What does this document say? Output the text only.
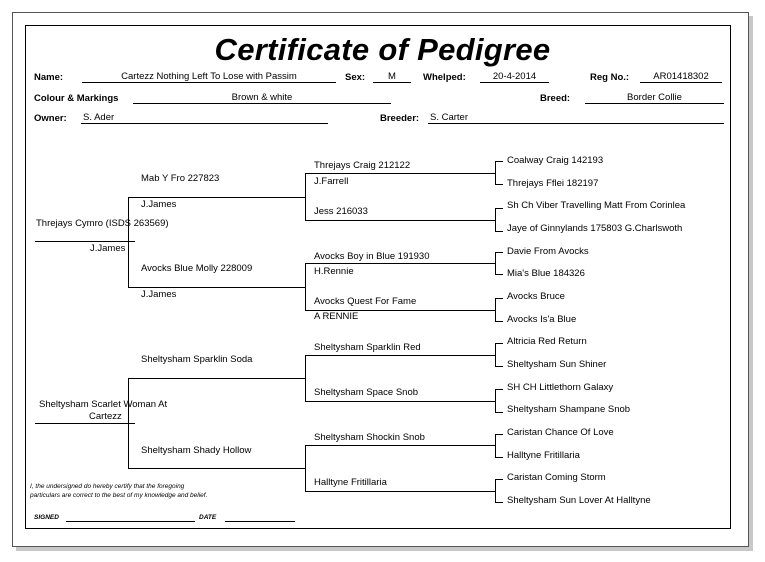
Certificate of Pedigree
Name:	Cartezz Nothing Left To Lose with Passim	Sex:	M	Whelped:	20-4-2014	Reg No.:	AR01418302
Colour & Markings	Brown & white	Breed:	Border Collie
Owner: S. Ader	Breeder: S. Carter
Threjays Cymro (ISDS 263569)
J.James
Sheltysham Scarlet Woman At
Cartezz
Mab Y Fro 227823
J.James
Avocks Blue Molly 228009
J.James
Sheltysham Sparklin Soda
Sheltysham Shady Hollow
Threjays Craig 212122
J.Farrell
Jess 216033
Avocks Boy in Blue 191930
H.Rennie
Avocks Quest For Fame
A RENNIE
Sheltysham Sparklin Red
Sheltysham Space Snob
Sheltysham Shockin Snob
Halltyne Fritillaria
Coalway Craig 142193
Threjays Fflei 182197
Sh Ch Viber Travelling Matt From Corinlea
Jaye of Ginnylands 175803 G.Charlswoth
Davie From Avocks
Mia's Blue 184326
Avocks Bruce
Avocks Is'a Blue
Altricia Red Return
Sheltysham Sun Shiner
SH CH Littlethorn Galaxy
Sheltysham Shampane Snob
Caristan Chance Of Love
Halltyne Fritillaria
Caristan Coming Storm
Sheltysham Sun Lover At Halltyne
I, the undersigned do hereby certify that the foregoing
particulars are correct to the best of my knowledge and belief.
SIGNED	DATE
